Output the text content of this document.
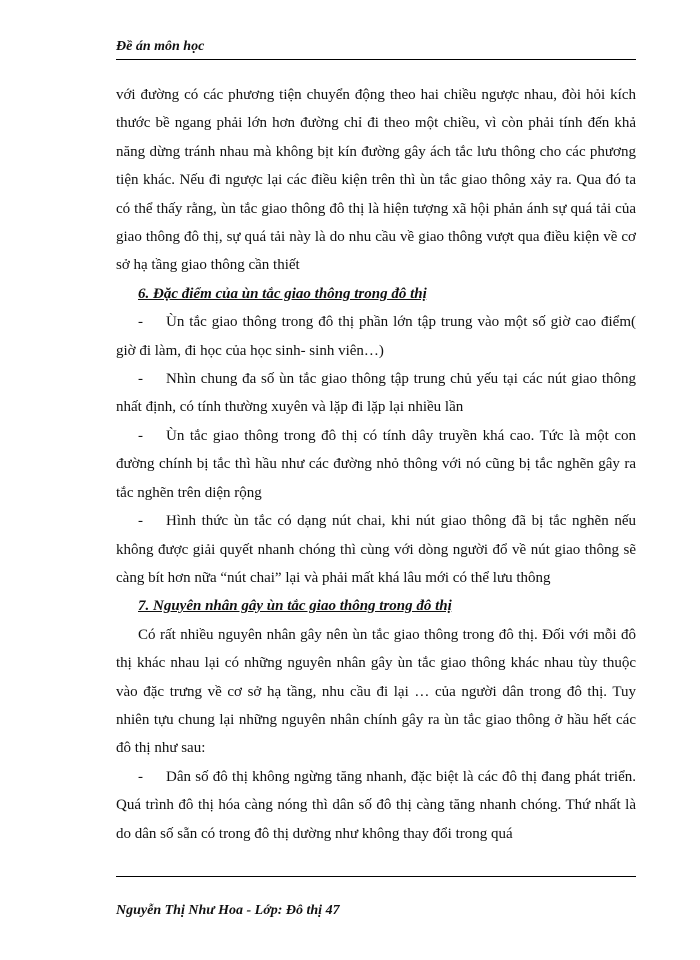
Đề án môn học

với đường có các phương tiện chuyển động theo hai chiều ngược nhau, đòi hỏi kích thước bề ngang phải lớn hơn đường chỉ đi theo một chiều, vì còn phải tính đến khả năng dừng tránh nhau mà không bịt kín đường gây ách tắc lưu thông cho các phương tiện khác. Nếu đi ngược lại các điều kiện trên thì ùn tắc giao thông xảy ra. Qua đó ta có thể thấy rằng, ùn tắc giao thông đô thị là hiện tượng xã hội phản ánh sự quá tải của giao thông đô thị, sự quá tải này là do nhu cầu về giao thông vượt qua điều kiện về cơ sở hạ tầng giao thông cần thiết

6. Đặc điểm của ùn tắc giao thông trong đô thị

- Ùn tắc giao thông trong đô thị phần lớn tập trung vào một số giờ cao điểm( giờ đi làm, đi học của học sinh- sinh viên…)

- Nhìn chung đa số ùn tắc giao thông tập trung chủ yếu tại các nút giao thông nhất định, có tính thường xuyên và lặp đi lặp lại nhiều lần

- Ùn tắc giao thông trong đô thị có tính dây truyền khá cao. Tức là một con đường chính bị tắc thì hầu như các đường nhỏ thông với nó cũng bị tắc nghẽn gây ra tắc nghẽn trên diện rộng

- Hình thức ùn tắc có dạng nút chai, khi nút giao thông đã bị tắc nghẽn nếu không được giải quyết nhanh chóng thì cùng với dòng người đổ về nút giao thông sẽ càng bít hơn nữa “nút chai” lại và phải mất khá lâu mới có thể lưu thông

7. Nguyên nhân gây ùn tắc giao thông trong đô thị

Có rất nhiều nguyên nhân gây nên ùn tắc giao thông trong đô thị. Đối với mỗi đô thị khác nhau lại có những nguyên nhân gây ùn tắc giao thông khác nhau tùy thuộc vào đặc trưng về cơ sở hạ tầng, nhu cầu đi lại … của người dân trong đô thị. Tuy nhiên tựu chung lại những nguyên nhân chính gây ra ùn tắc giao thông ở hầu hết các đô thị như sau:

- Dân số đô thị không ngừng tăng nhanh, đặc biệt là các đô thị đang phát triển. Quá trình đô thị hóa càng nóng thì dân số đô thị càng tăng nhanh chóng. Thứ nhất là do dân số sẵn có trong đô thị dường như không thay đổi trong quá

Nguyễn Thị Như Hoa - Lớp: Đô thị 47
